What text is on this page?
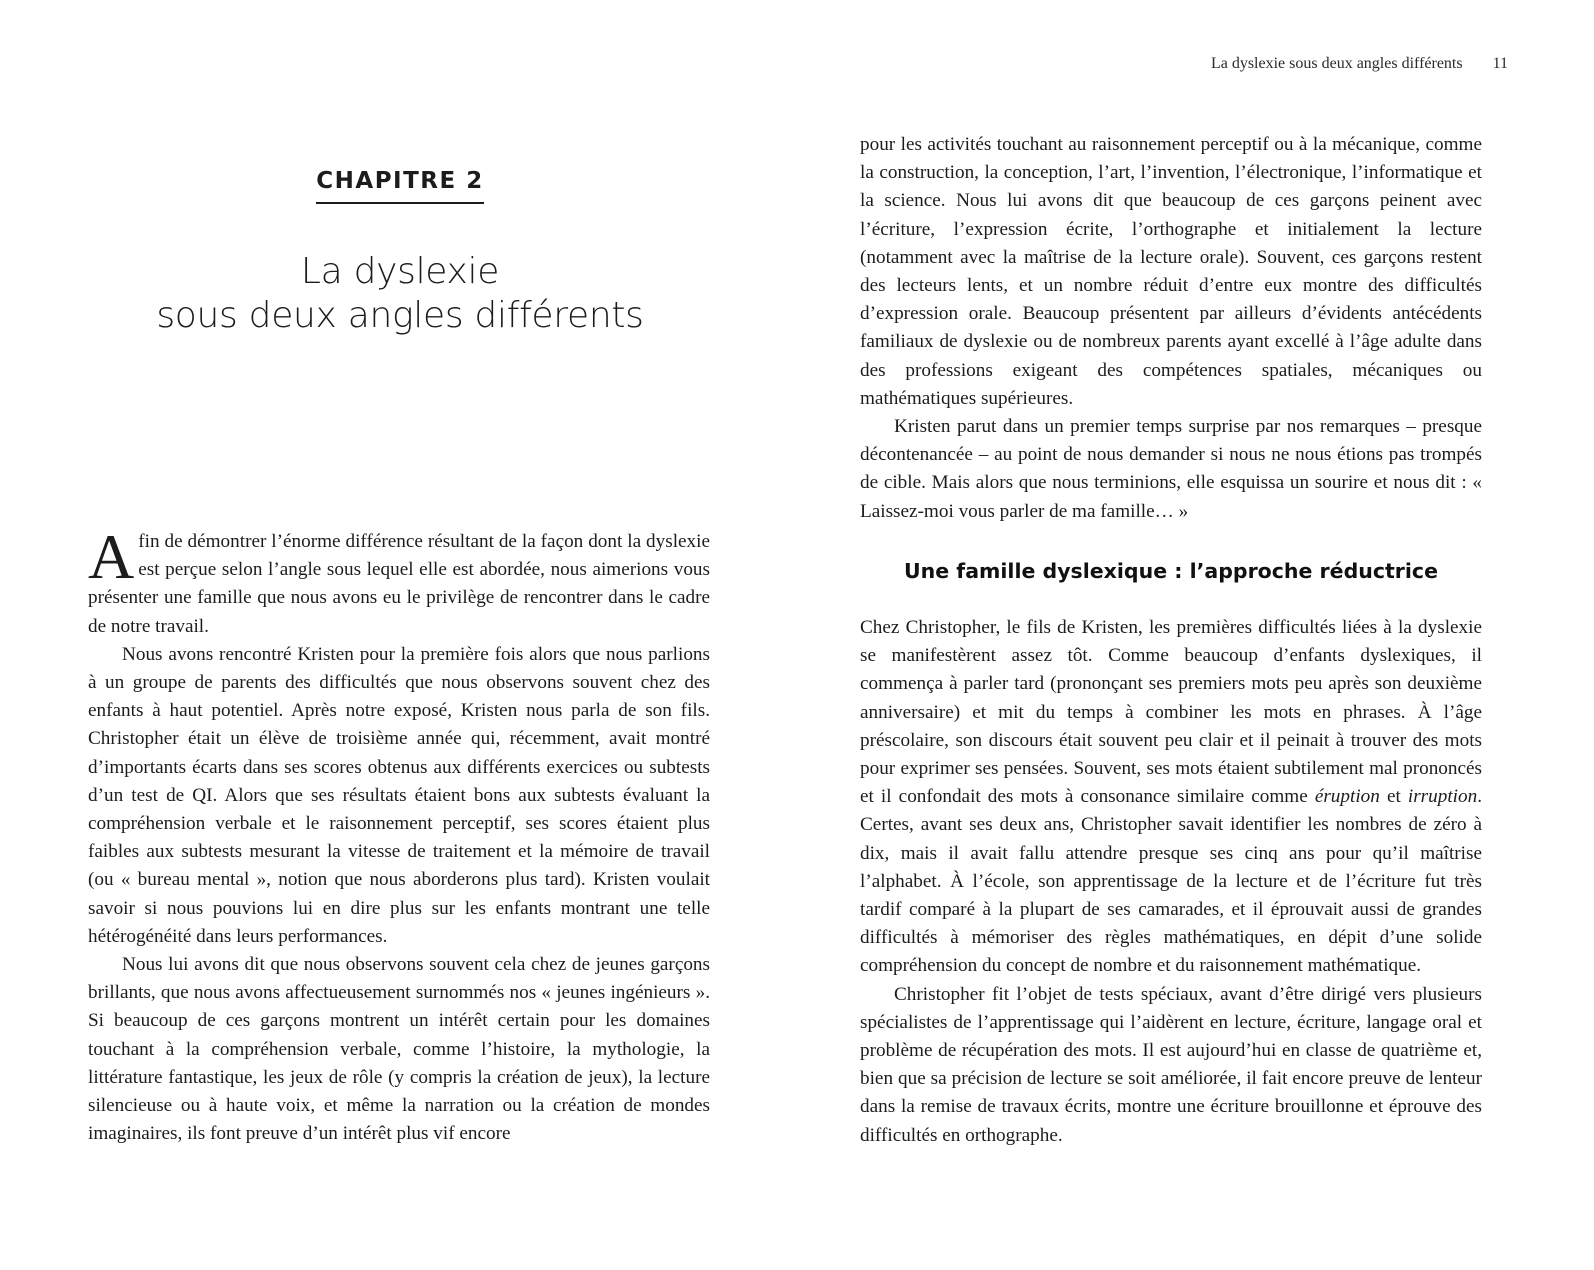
CHAPITRE 2
La dyslexie
sous deux angles différents

Afin de démontrer l’énorme différence résultant de la façon dont la dyslexie est perçue selon l’angle sous lequel elle est abordée, nous aimerions vous présenter une famille que nous avons eu le privilège de rencontrer dans le cadre de notre travail.

Nous avons rencontré Kristen pour la première fois alors que nous parlions à un groupe de parents des difficultés que nous observons souvent chez des enfants à haut potentiel. Après notre exposé, Kristen nous parla de son fils. Christopher était un élève de troisième année qui, récemment, avait montré d’importants écarts dans ses scores obtenus aux différents exercices ou subtests d’un test de QI. Alors que ses résultats étaient bons aux subtests évaluant la compréhension verbale et le raisonnement perceptif, ses scores étaient plus faibles aux subtests mesurant la vitesse de traitement et la mémoire de travail (ou « bureau mental », notion que nous aborderons plus tard). Kristen voulait savoir si nous pouvions lui en dire plus sur les enfants montrant une telle hétérogénéité dans leurs performances.

Nous lui avons dit que nous observons souvent cela chez de jeunes garçons brillants, que nous avons affectueusement surnommés nos « jeunes ingénieurs ». Si beaucoup de ces garçons montrent un intérêt certain pour les domaines touchant à la compréhension verbale, comme l’histoire, la mythologie, la littérature fantastique, les jeux de rôle (y compris la création de jeux), la lecture silencieuse ou à haute voix, et même la narration ou la création de mondes imaginaires, ils font preuve d’un intérêt plus vif encore

La dyslexie sous deux angles différents 11

pour les activités touchant au raisonnement perceptif ou à la mécanique, comme la construction, la conception, l’art, l’invention, l’électronique, l’informatique et la science. Nous lui avons dit que beaucoup de ces garçons peinent avec l’écriture, l’expression écrite, l’orthographe et initialement la lecture (notamment avec la maîtrise de la lecture orale). Souvent, ces garçons restent des lecteurs lents, et un nombre réduit d’entre eux montre des difficultés d’expression orale. Beaucoup présentent par ailleurs d’évidents antécédents familiaux de dyslexie ou de nombreux parents ayant excellé à l’âge adulte dans des professions exigeant des compétences spatiales, mécaniques ou mathématiques supérieures.

Kristen parut dans un premier temps surprise par nos remarques – presque décontenancée – au point de nous demander si nous ne nous étions pas trompés de cible. Mais alors que nous terminions, elle esquissa un sourire et nous dit : « Laissez-moi vous parler de ma famille… »

Une famille dyslexique : l’approche réductrice

Chez Christopher, le fils de Kristen, les premières difficultés liées à la dyslexie se manifestèrent assez tôt. Comme beaucoup d’enfants dyslexiques, il commença à parler tard (prononçant ses premiers mots peu après son deuxième anniversaire) et mit du temps à combiner les mots en phrases. À l’âge préscolaire, son discours était souvent peu clair et il peinait à trouver des mots pour exprimer ses pensées. Souvent, ses mots étaient subtilement mal prononcés et il confondait des mots à consonance similaire comme éruption et irruption. Certes, avant ses deux ans, Christopher savait identifier les nombres de zéro à dix, mais il avait fallu attendre presque ses cinq ans pour qu’il maîtrise l’alphabet. À l’école, son apprentissage de la lecture et de l’écriture fut très tardif comparé à la plupart de ses camarades, et il éprouvait aussi de grandes difficultés à mémoriser des règles mathématiques, en dépit d’une solide compréhension du concept de nombre et du raisonnement mathématique.

Christopher fit l’objet de tests spéciaux, avant d’être dirigé vers plusieurs spécialistes de l’apprentissage qui l’aidèrent en lecture, écriture, langage oral et problème de récupération des mots. Il est aujourd’hui en classe de quatrième et, bien que sa précision de lecture se soit améliorée, il fait encore preuve de lenteur dans la remise de travaux écrits, montre une écriture brouillonne et éprouve des difficultés en orthographe.
